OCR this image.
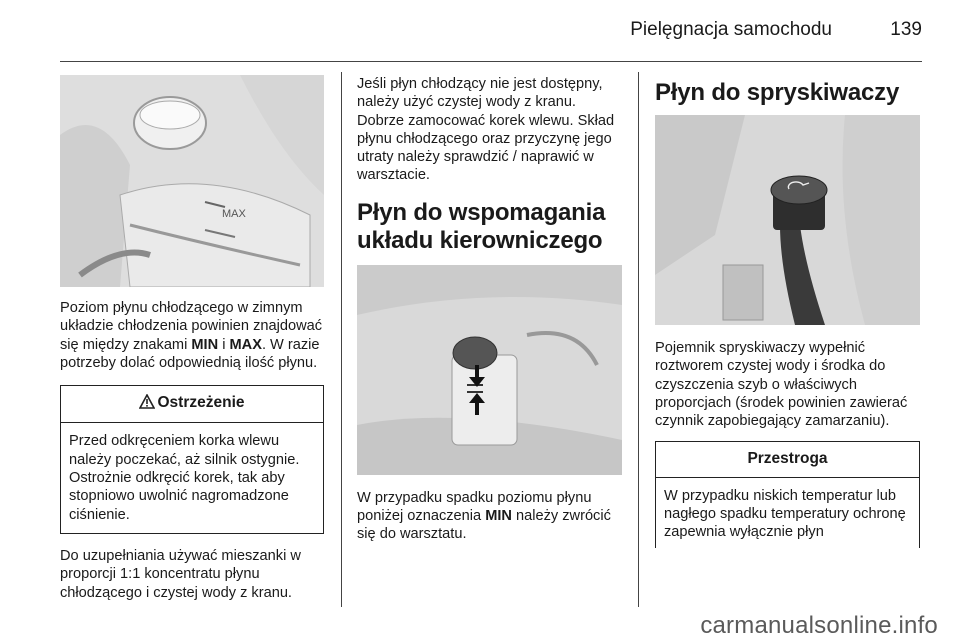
Pielęgnacja samochodu	139
MAX

Poziom płynu chłodzącego w zimnym układzie chłodzenia powinien znajdować się między znakami MIN i MAX. W razie potrzeby dolać odpowiednią ilość płynu.

Ostrzeżenie
Przed odkręceniem korka wlewu należy poczekać, aż silnik ostygnie. Ostrożnie odkręcić korek, tak aby stopniowo uwolnić nagromadzone ciśnienie.

Do uzupełniania używać mieszanki w proporcji 1:1 koncentratu płynu chłodzącego i czystej wody z kranu.

Jeśli płyn chłodzący nie jest dostępny, należy użyć czystej wody z kranu. Dobrze zamocować korek wlewu. Skład płynu chłodzącego oraz przyczynę jego utraty należy sprawdzić / naprawić w warsztacie.

Płyn do wspomagania układu kierowniczego

W przypadku spadku poziomu płynu poniżej oznaczenia MIN należy zwrócić się do warsztatu.

Płyn do spryskiwaczy

Pojemnik spryskiwaczy wypełnić roztworem czystej wody i środka do czyszczenia szyb o właściwych proporcjach (środek powinien zawierać czynnik zapobiegający zamarzaniu).

Przestroga
W przypadku niskich temperatur lub nagłego spadku temperatury ochronę zapewnia wyłącznie płyn
carmanualsonline.info
